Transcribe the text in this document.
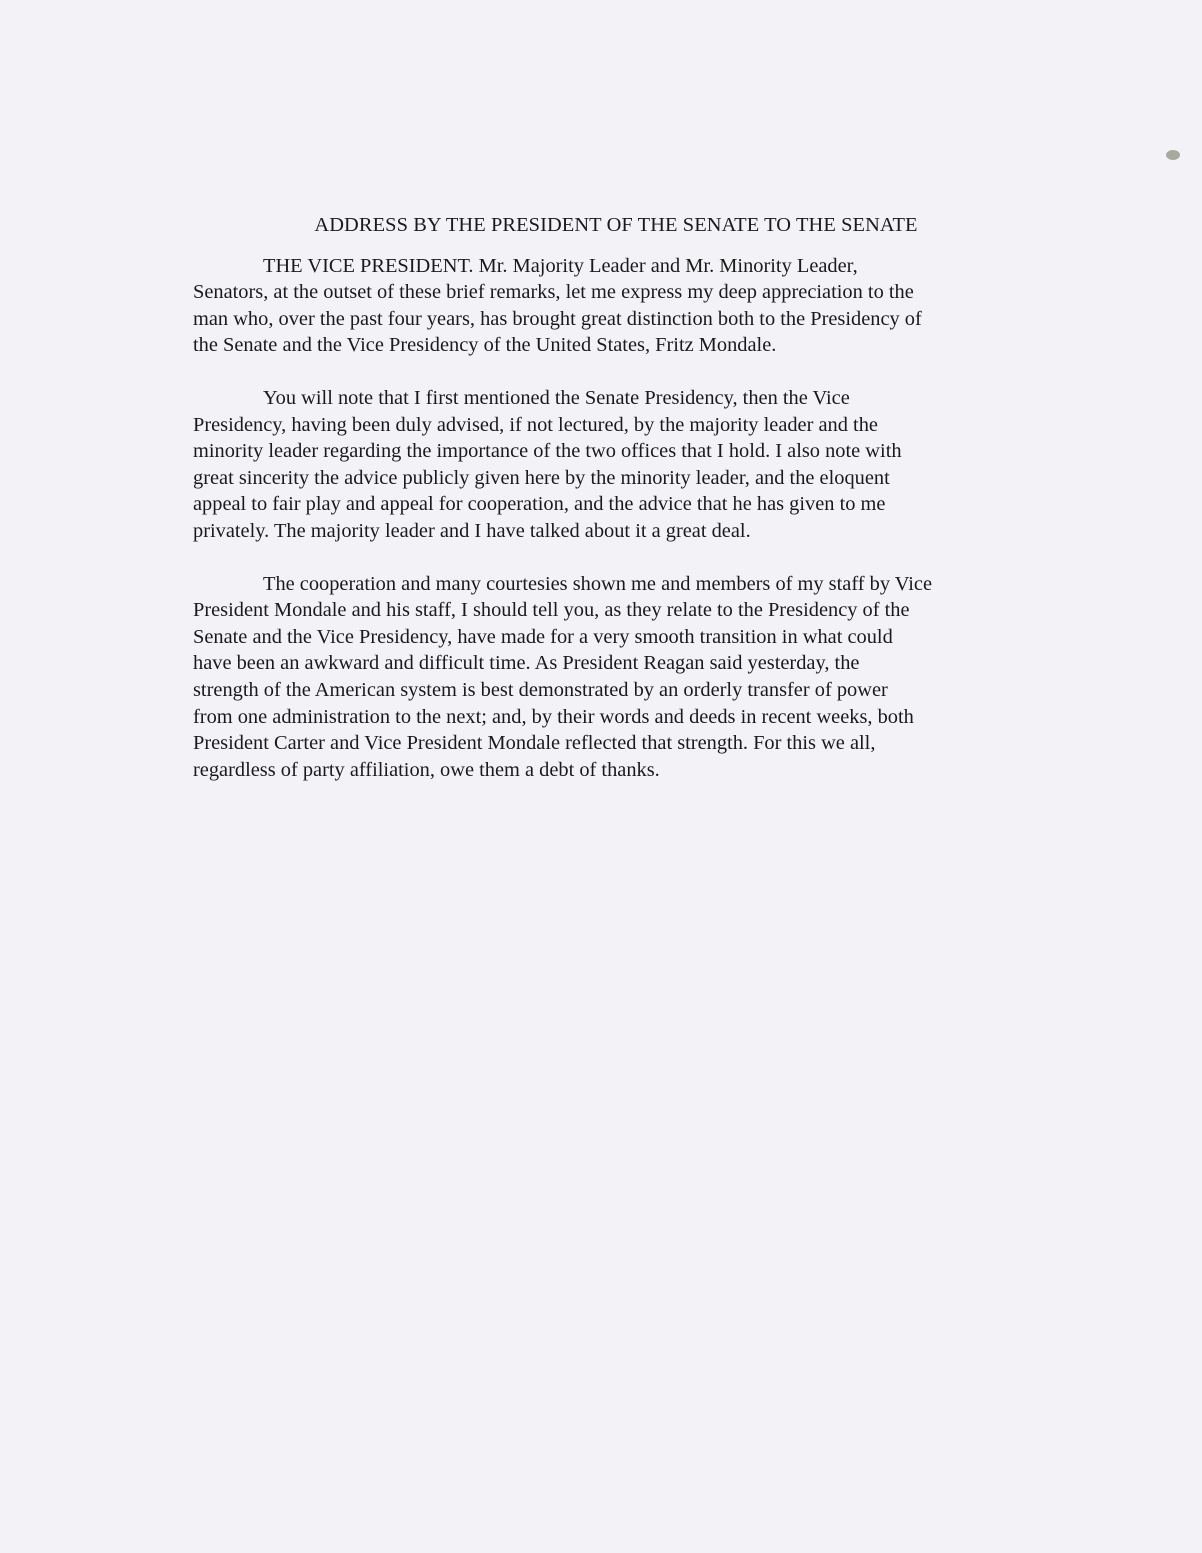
ADDRESS BY THE PRESIDENT OF THE SENATE TO THE SENATE
THE VICE PRESIDENT. Mr. Majority Leader and Mr. Minority Leader,
Senators, at the outset of these brief remarks, let me express my deep appreciation to the
man who, over the past four years, has brought great distinction both to the Presidency of
the Senate and the Vice Presidency of the United States, Fritz Mondale.
You will note that I first mentioned the Senate Presidency, then the Vice
Presidency, having been duly advised, if not lectured, by the majority leader and the
minority leader regarding the importance of the two offices that I hold. I also note with
great sincerity the advice publicly given here by the minority leader, and the eloquent
appeal to fair play and appeal for cooperation, and the advice that he has given to me
privately. The majority leader and I have talked about it a great deal.
The cooperation and many courtesies shown me and members of my staff by Vice
President Mondale and his staff, I should tell you, as they relate to the Presidency of the
Senate and the Vice Presidency, have made for a very smooth transition in what could
have been an awkward and difficult time. As President Reagan said yesterday, the
strength of the American system is best demonstrated by an orderly transfer of power
from one administration to the next; and, by their words and deeds in recent weeks, both
President Carter and Vice President Mondale reflected that strength. For this we all,
regardless of party affiliation, owe them a debt of thanks.
